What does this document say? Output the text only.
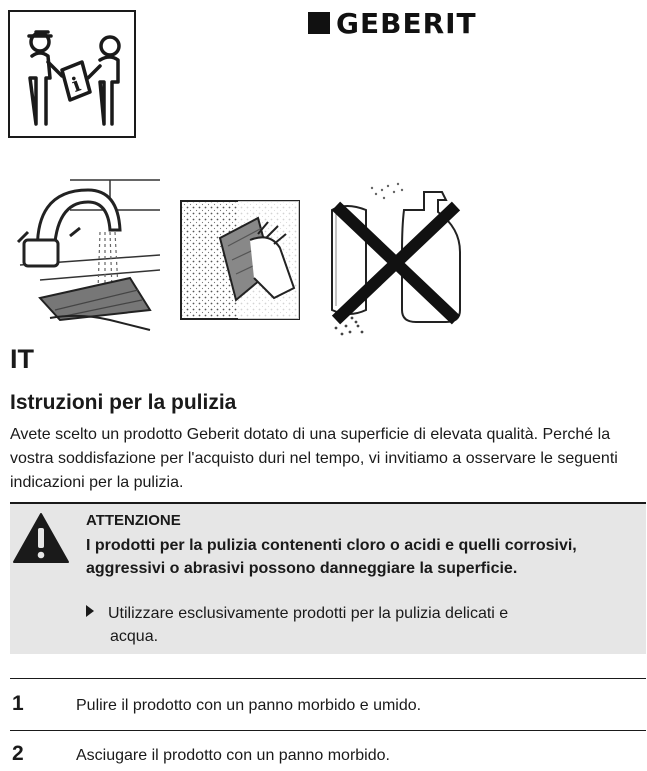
i
GEBERIT
IT
Istruzioni per la pulizia

Avete scelto un prodotto Geberit dotato di una superficie di elevata qualità. Perché la vostra soddisfazione per l'acquisto duri nel tempo, vi invitiamo a osservare le seguenti indicazioni per la pulizia.

ATTENZIONE

I prodotti per la pulizia contenenti cloro o acidi e quelli corrosivi, aggressivi o abrasivi possono danneggiare la superficie.

Utilizzare esclusivamente prodotti per la pulizia delicati e
acqua.

1	Pulire il prodotto con un panno morbido e umido.
2	Asciugare il prodotto con un panno morbido.
